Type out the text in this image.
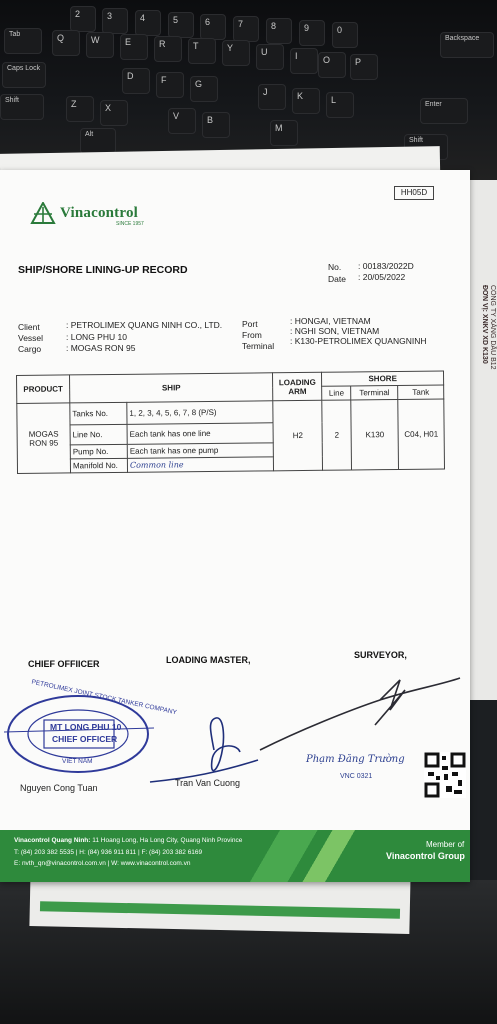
2	3	4	5	6	7	8	9	0
Tab	Q	W	E	R	T	Y	U	I	O	P
Backspace
Caps Lock
D	F	G
J	K	L	Enter
Shift	Z	X
V	B
M
Shift
Alt
CÔNG TY XĂNG DẦU B12
ĐƠN VỊ: XNKV XD K130
HH05D
Vinacontrol
SINCE 1957
SHIP/SHORE LINING-UP RECORD	No. : 00183/2022D
Date : 20/05/2022
Client	: PETROLIMEX QUANG NINH CO., LTD.
Vessel	: LONG PHU 10
Cargo	: MOGAS RON 95
Port	: HONGAI, VIETNAM
From	: NGHI SON, VIETNAM
Terminal : K130-PETROLIMEX QUANGNINH
PRODUCT	SHIP		LOADING ARM	SHORE		
				Line	Terminal	Tank
MOGAS RON 95	Tanks No.	1, 2, 3, 4, 5, 6, 7, 8 (P/S)	H2	2	K130	C04, H01
	Line No.	Each tank has one line				
	Pump No.	Each tank has one pump				
	Manifold No.	Common line				
CHIEF OFFIICER	LOADING MASTER,	SURVEYOR,
PETROLIMEX JOINT STOCK TANKER COMPANY
MT LONG PHU 10
CHIEF OFFICER
VIET NAM	Phạm Đăng Trường
VNC 0321
Nguyen Cong Tuan	Tran Van Cuong
Vinacontrol Quang Ninh: 11 Hoang Long, Ha Long City, Quang Ninh Province
T: (84) 203 382 5535 | H: (84) 936 911 811 | F: (84) 203 382 6169
E: nvth_qn@vinacontrol.com.vn | W: www.vinacontrol.com.vn
Member of
Vinacontrol Group
